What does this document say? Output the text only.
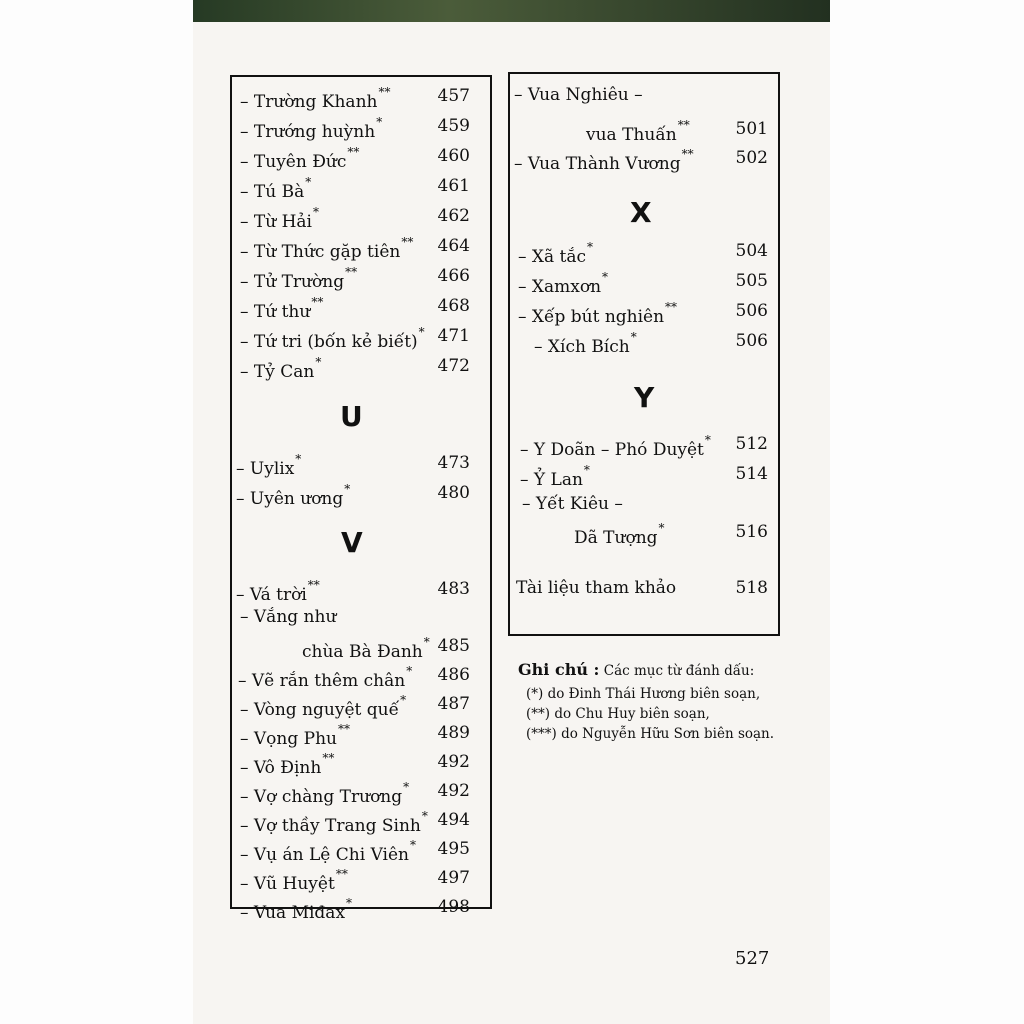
– Trường Khanh**	457
– Trướng huỳnh*	459
– Tuyên Đức**	460
– Tú Bà*	461
– Từ Hải*	462
– Từ Thức gặp tiên**	464
– Tử Trường**	466
– Tứ thư**	468
– Tứ tri (bốn kẻ biết)* 471
– Tỷ Can*	472
– Uylix*	473
– Uyên ương*	480
– Vá trời**	483
– Vắng như
chùa Bà Đanh* 485
– Vẽ rắn thêm chân*	486
– Vòng nguyệt quế*	487
– Vọng Phu**	489
– Vô Định**	492
– Vợ chàng Trương*	492
– Vợ thầy Trang Sinh* 494
– Vụ án Lệ Chi Viên*	495
– Vũ Huyệt**	497
– Vua Miđax*	498
– Vua Nghiêu –
vua Thuấn**	501
– Vua Thành Vương**	502
– Xã tắc*	504
– Xamxơn*	505
– Xếp bút nghiên**	506
– Xích Bích*	506
– Y Doãn – Phó Duyệt*	512
– Ỷ Lan*	514
– Yết Kiêu –
Dã Tượng*	516
Tài liệu tham khảo	518
U
V
X
Y
Ghi chú : Các mục từ đánh dấu:
(*) do Đinh Thái Hương biên soạn,
(**) do Chu Huy biên soạn,
(***) do Nguyễn Hữu Sơn biên soạn.
527
